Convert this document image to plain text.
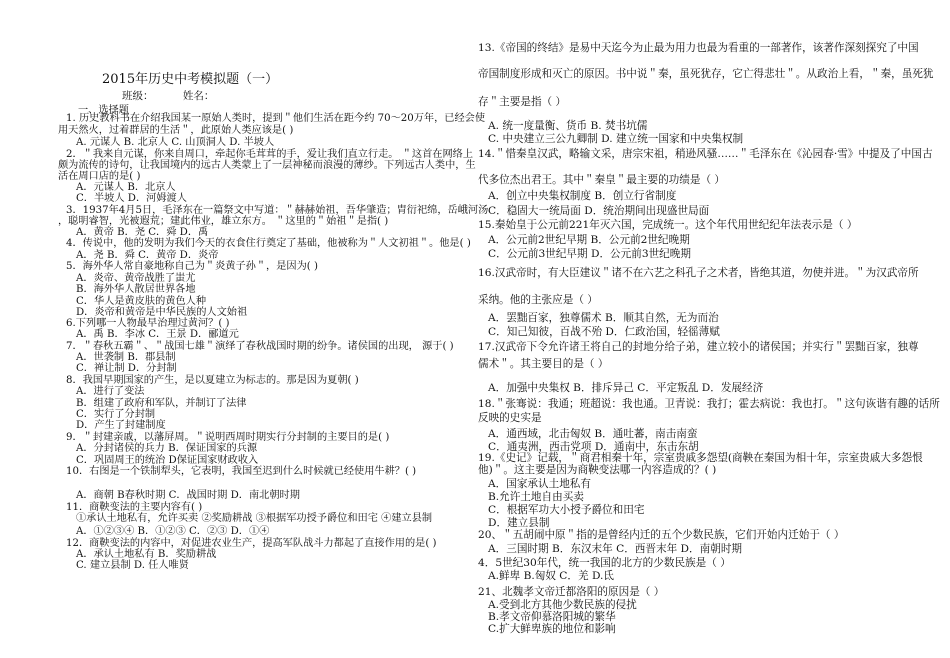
2015年历史中考模拟题（一）
班级：	姓名：
一、选择题
1. 历史教科书在介绍我国某一原始人类时，提到＂他们生活在距今约 70～20万年，已经会使
用天然火，过着群居的生活＂，此原始人类应该是( )
A. 元谋人 B. 北京人 C. 山顶洞人 D. 半坡人
2．＂我来自元谋，你来自周口，牵起你毛茸茸的手，爱让我们直立行走。 ＂这首在网络上
颇为流传的诗句，让我国境内的远古人类蒙上了一层神秘而浪漫的薄纱。下列远古人类中，生
活在周口店的是( )
A．元谋人 B．北京人
C．半坡人 D．河姆渡人
3．1937年4月5日，毛泽东在一篇祭文中写道：＂赫赫始祖，吾华肇造；胄衍祀绵，岳峨河汤
，聪明睿智，光被遐荒；建此伟业，雄立东方。 ＂这里的＂始祖＂是指( )
A．黄帝 B．尧 C．舜 D．禹
4．传说中，他的发明为我们今天的衣食住行奠定了基础，他被称为＂人文初祖＂。他是( )
A．尧 B．舜 C．黄帝 D．炎帝
5．海外华人常自豪地称自己为＂炎黄子孙＂，是因为( )
A．炎帝、黄帝战胜了蚩尤
B．海外华人散居世界各地
C．华人是黄皮肤的黄色人种
D．炎帝和黄帝是中华民族的人文始祖
6.下列哪一人物最早治理过黄河？( )
A．禹 B．李冰 C．王景 D．郦道元
7．＂春秋五霸＂、＂战国七雄＂演绎了春秋战国时期的纷争。诸侯国的出现， 源于( )
A．世袭制 B．郡县制
C．禅让制 D．分封制
8．我国早期国家的产生，是以夏建立为标志的。那是因为夏朝( )
A．进行了变法
B．组建了政府和军队，并制订了法律
C．实行了分封制
D．产生了封建制度
9．＂封建亲戚，以藩屏周。＂说明西周时期实行分封制的主要目的是( )
A．分封诸侯的兵力 B．保证国家的兵源
C．巩固周王的统治 D保证国家财政收入
10．右图是一个铁制犁头，它表明，我国至迟到什么时候就已经使用牛耕？( )
A．商朝 B春秋时期 C．战国时期 D．南北朝时期
11．商鞅变法的主要内容有( )
①承认土地私有，允许买卖 ②奖励耕战 ③根据军功授予爵位和田宅 ④建立县制
A．①②③④ B．①②③ C．②③ D．①④
12．商鞅变法的内容中，对促进农业生产，提高军队战斗力都起了直接作用的是( )
A．承认土地私有 B．奖励耕战
C. 建立县制 D. 任人唯贤
13.《帝国的终结》是易中天迄今为止最为用力也最为看重的一部著作，该著作深刻探究了中国
帝国制度形成和灭亡的原因。书中说＂秦，虽死犹存，它亡得悲壮＂。从政治上看，＂秦，虽死犹
存＂主要是指（ ）
A. 统一度量衡、货币 B. 焚书坑儒
C. 中央建立三公九卿制 D. 建立统一国家和中央集权制
14.＂惜秦皇汉武，略输文采，唐宗宋祖，稍逊风骚……＂毛泽东在《沁园春·雪》中提及了中国古
代多位杰出君王。其中＂秦皇＂最主要的功绩是（ ）
A．创立中央集权制度 B．创立行省制度
C．稳固大一统局面 D．统治期间出现盛世局面
15.秦始皇于公元前221年灭六国，完成统一。这个年代用世纪纪年法表示是（ ）
A．公元前2世纪早期 B．公元前2世纪晚期
C．公元前3世纪早期 D．公元前3世纪晚期
16.汉武帝时，有大臣建议＂诸不在六艺之科孔子之术者，皆绝其道，勿使并进。＂为汉武帝所
采纳。他的主张应是（ ）
A．罢黜百家，独尊儒术 B．顺其自然，无为而治
C．知己知彼，百战不殆 D．仁政治国，轻徭薄赋
17.汉武帝下令允许诸王将自己的封地分给子弟，建立较小的诸侯国；并实行＂罢黜百家，独尊
儒术＂。其主要目的是（ ）
A．加强中央集权 B．排斥异己 C．平定叛乱 D．发展经济
18.＂张骞说：我通；班超说：我也通。卫青说：我打；霍去病说：我也打。＂这句诙谐有趣的话所
反映的史实是
A．通西域，北击匈奴 B．通吐蕃，南击南蛮
C．通夷洲，西击党项 D．通南中，东击东胡
19.《史记》记载，＂商君相秦十年，宗室贵戚多怨望(商鞅在秦国为相十年，宗室贵戚大多怨恨
他)＂。这主要是因为商鞅变法哪一内容造成的？( )
A．国家承认土地私有
B.允许土地自由买卖
C．根据军功大小授予爵位和田宅
D．建立县制
20、＂五胡闹中原＂指的是曾经内迁的五个少数民族，它们开始内迁始于（ ）
A．三国时期 B．东汉末年 C．西晋末年 D．南朝时期
4．5世纪30年代，统一我国的北方的少数民族是（ ）
A.鲜卑 B.匈奴 C．羌 D.氐
21、北魏孝文帝迁都洛阳的原因是（ ）
A.受到北方其他少数民族的侵扰
B.孝文帝仰慕洛阳城的繁华
C.扩大鲜卑族的地位和影响
